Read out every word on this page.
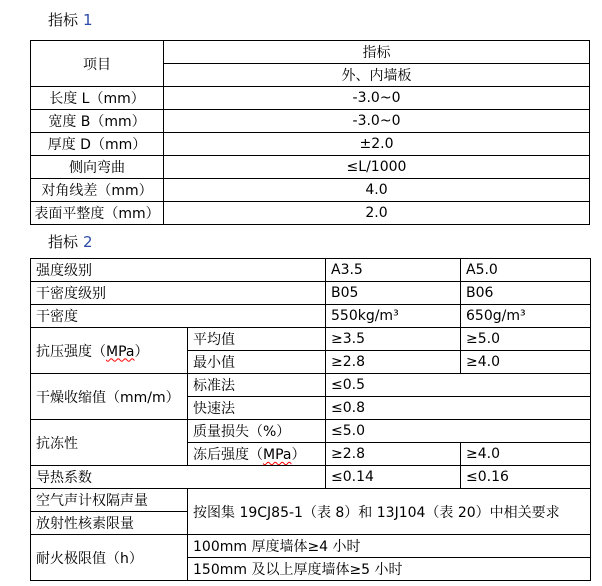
指标 1
项目	指标
	外、内墙板
长度 L（mm）	-3.0~0
宽度 B（mm）	-3.0~0
厚度 D（mm）	±2.0
侧向弯曲	≤L/1000
对角线差（mm）	4.0
表面平整度（mm）	2.0
指标 2
强度级别		A3.5	A5.0
干密度级别		B05	B06
干密度		550kg/m³	650g/m³
抗压强度（MPa）	平均值	≥3.5	≥5.0
	最小值	≥2.8	≥4.0
干燥收缩值（mm/m）	标准法	≤0.5	
	快速法	≤0.8	
抗冻性	质量损失（%）	≤5.0	
	冻后强度（MPa）	≥2.8	≥4.0
导热系数		≤0.14	≤0.16
空气声计权隔声量	按图集 19CJ85-1（表 8）和 13J104（表 20）中相关要求		
放射性核素限量			
耐火极限值（h）	100mm 厚度墙体≥4 小时		
	150mm 及以上厚度墙体≥5 小时		
